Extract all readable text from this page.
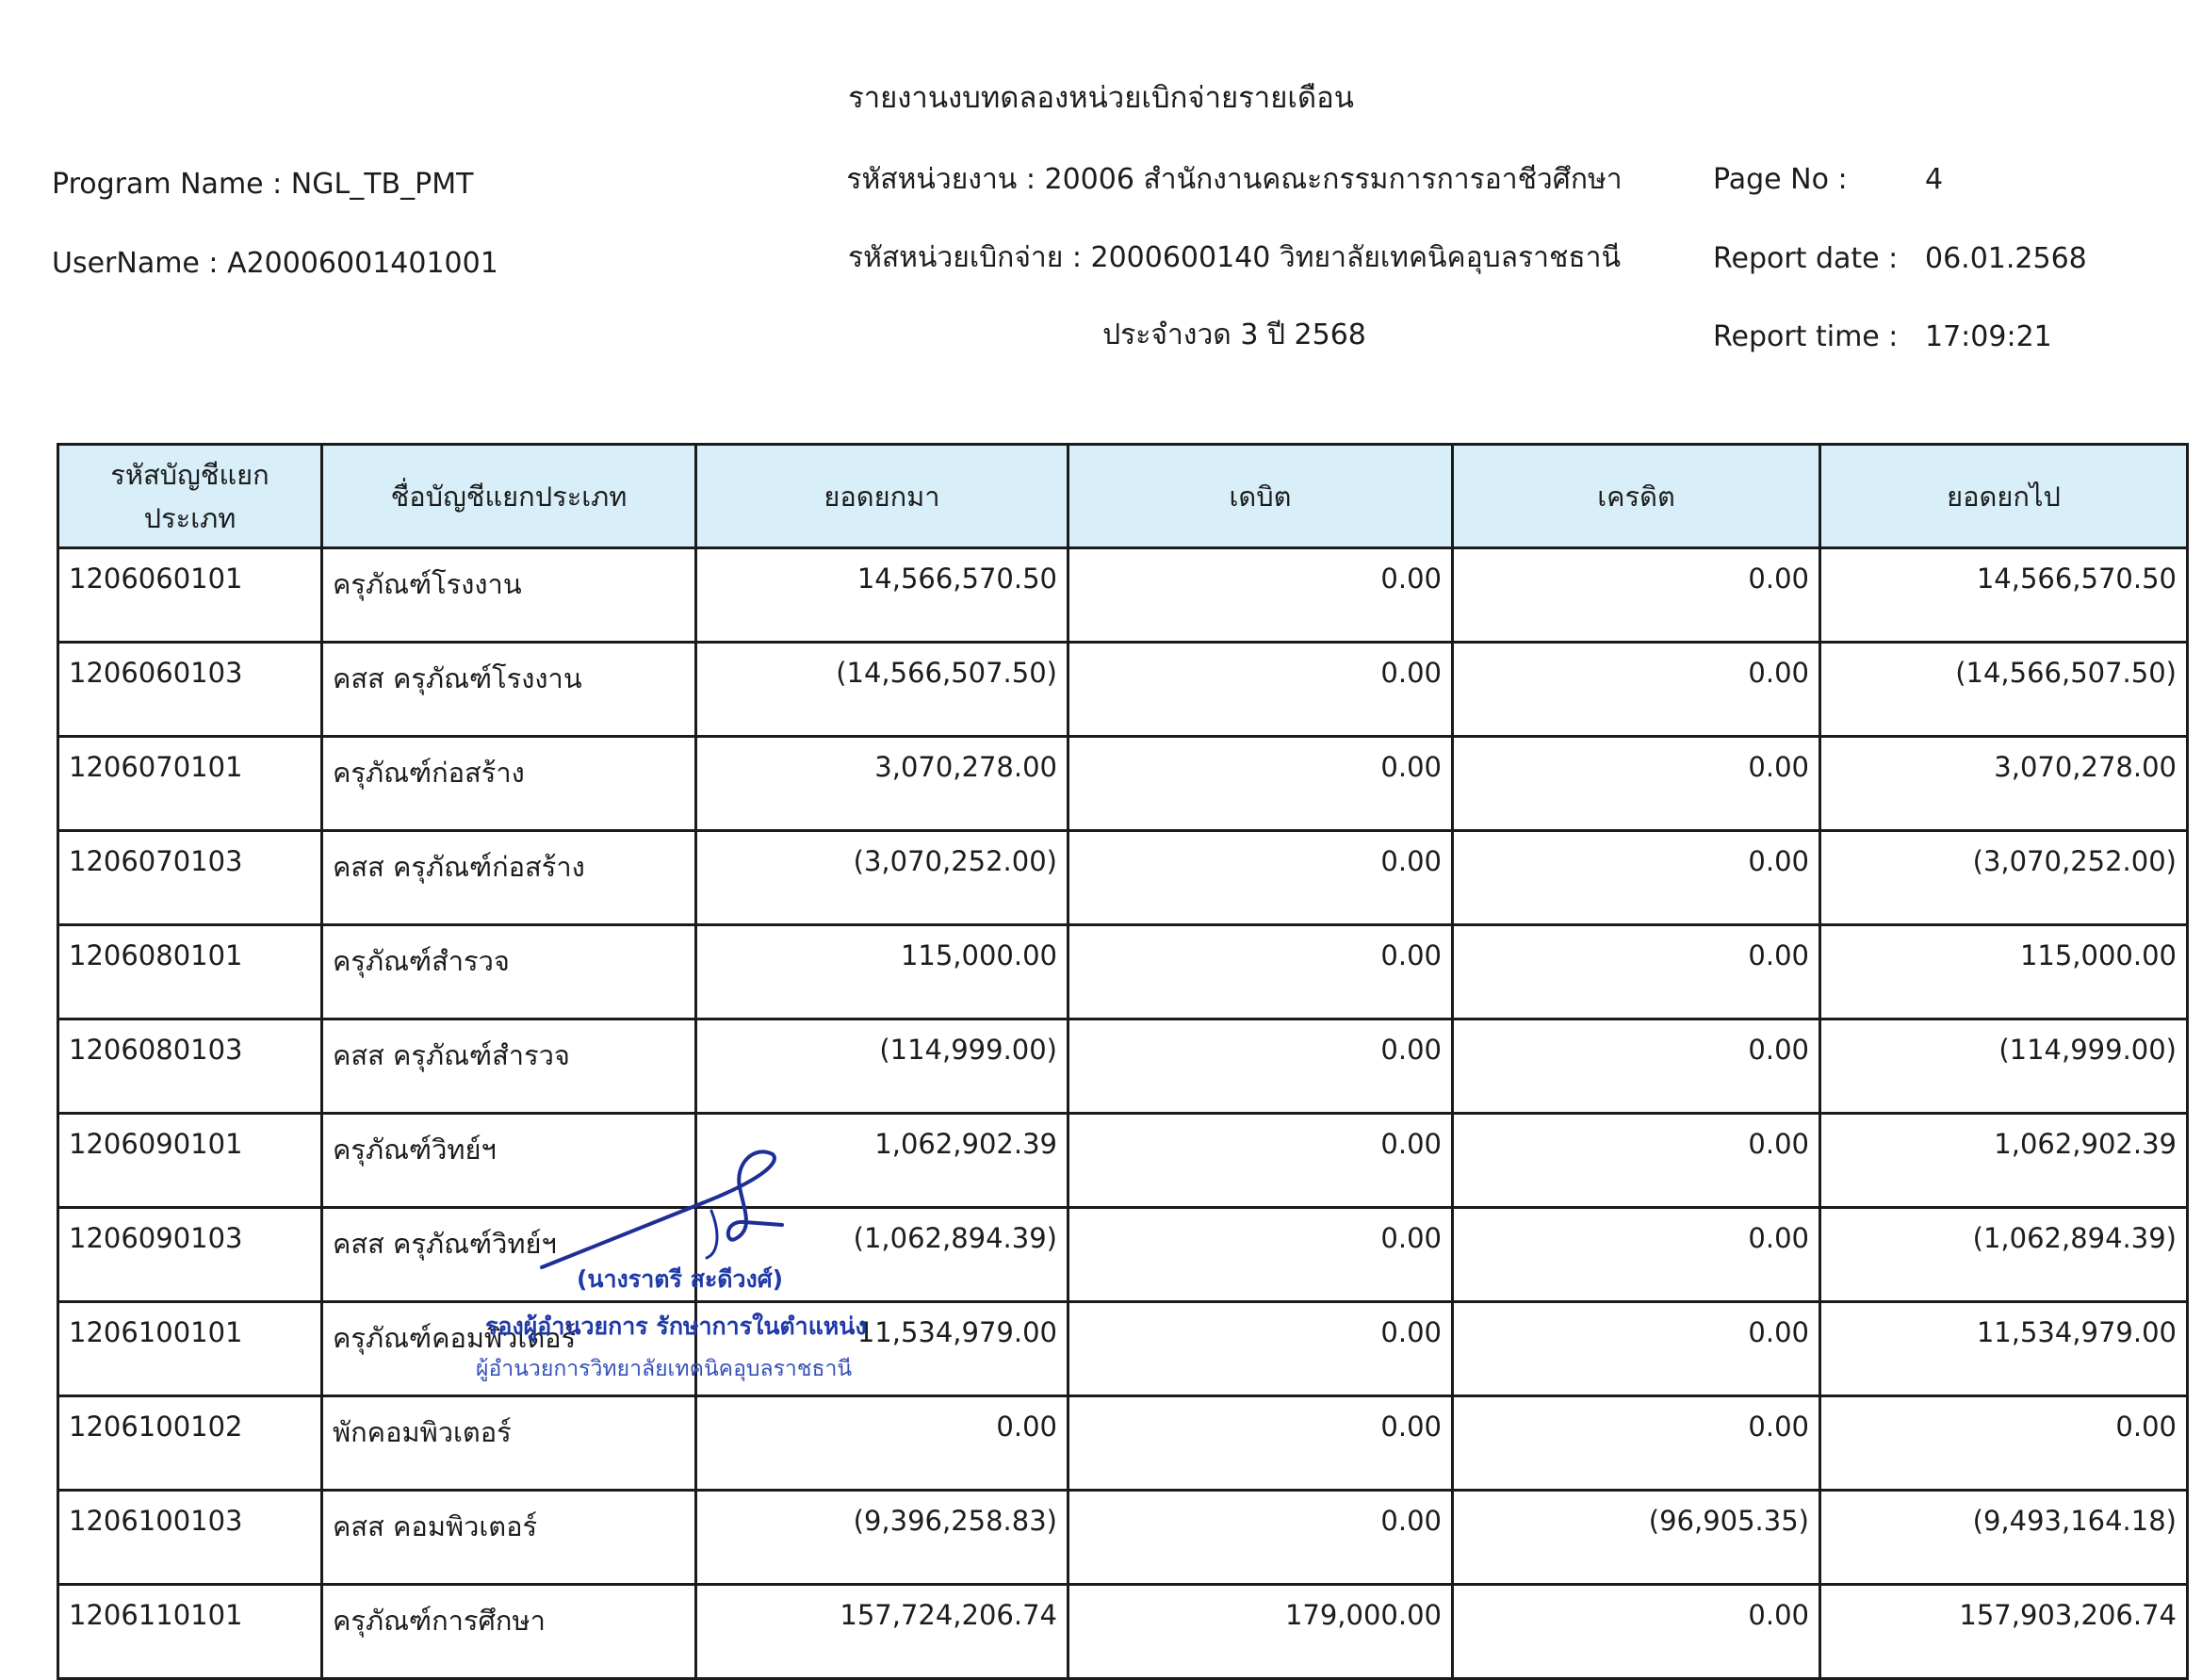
รายงานงบทดลองหน่วยเบิกจ่ายรายเดือน
Program Name : NGL_TB_PMT
UserName : A20006001401001
รหัสหน่วยงาน : 20006 สำนักงานคณะกรรมการการอาชีวศึกษา
รหัสหน่วยเบิกจ่าย : 2000600140 วิทยาลัยเทคนิคอุบลราชธานี
ประจำงวด 3 ปี 2568
Page No :	4
Report date : 06.01.2568
Report time : 17:09:21
รหัสบัญชีแยกประเภท	ชื่อบัญชีแยกประเภท	ยอดยกมา	เดบิต	เครดิต	ยอดยกไป
1206060101	ครุภัณฑ์โรงงาน	14,566,570.50	0.00	0.00	14,566,570.50
1206060103	คสส ครุภัณฑ์โรงงาน	(14,566,507.50)	0.00	0.00	(14,566,507.50)
1206070101	ครุภัณฑ์ก่อสร้าง	3,070,278.00	0.00	0.00	3,070,278.00
1206070103	คสส ครุภัณฑ์ก่อสร้าง	(3,070,252.00)	0.00	0.00	(3,070,252.00)
1206080101	ครุภัณฑ์สำรวจ	115,000.00	0.00	0.00	115,000.00
1206080103	คสส ครุภัณฑ์สำรวจ	(114,999.00)	0.00	0.00	(114,999.00)
1206090101	ครุภัณฑ์วิทย์ฯ	1,062,902.39	0.00	0.00	1,062,902.39
1206090103	คสส ครุภัณฑ์วิทย์ฯ	(1,062,894.39)	0.00	0.00	(1,062,894.39)
1206100101	ครุภัณฑ์คอมพิวเตอร์	11,534,979.00	0.00	0.00	11,534,979.00
1206100102	พักคอมพิวเตอร์	0.00	0.00	0.00	0.00
1206100103	คสส คอมพิวเตอร์	(9,396,258.83)	0.00	(96,905.35)	(9,493,164.18)
1206110101	ครุภัณฑ์การศึกษา	157,724,206.74	179,000.00	0.00	157,903,206.74
(นางราตรี สะดีวงศ์)
รองผู้อำนวยการ รักษาการในตำแหน่ง
ผู้อำนวยการวิทยาลัยเทคนิคอุบลราชธานี
